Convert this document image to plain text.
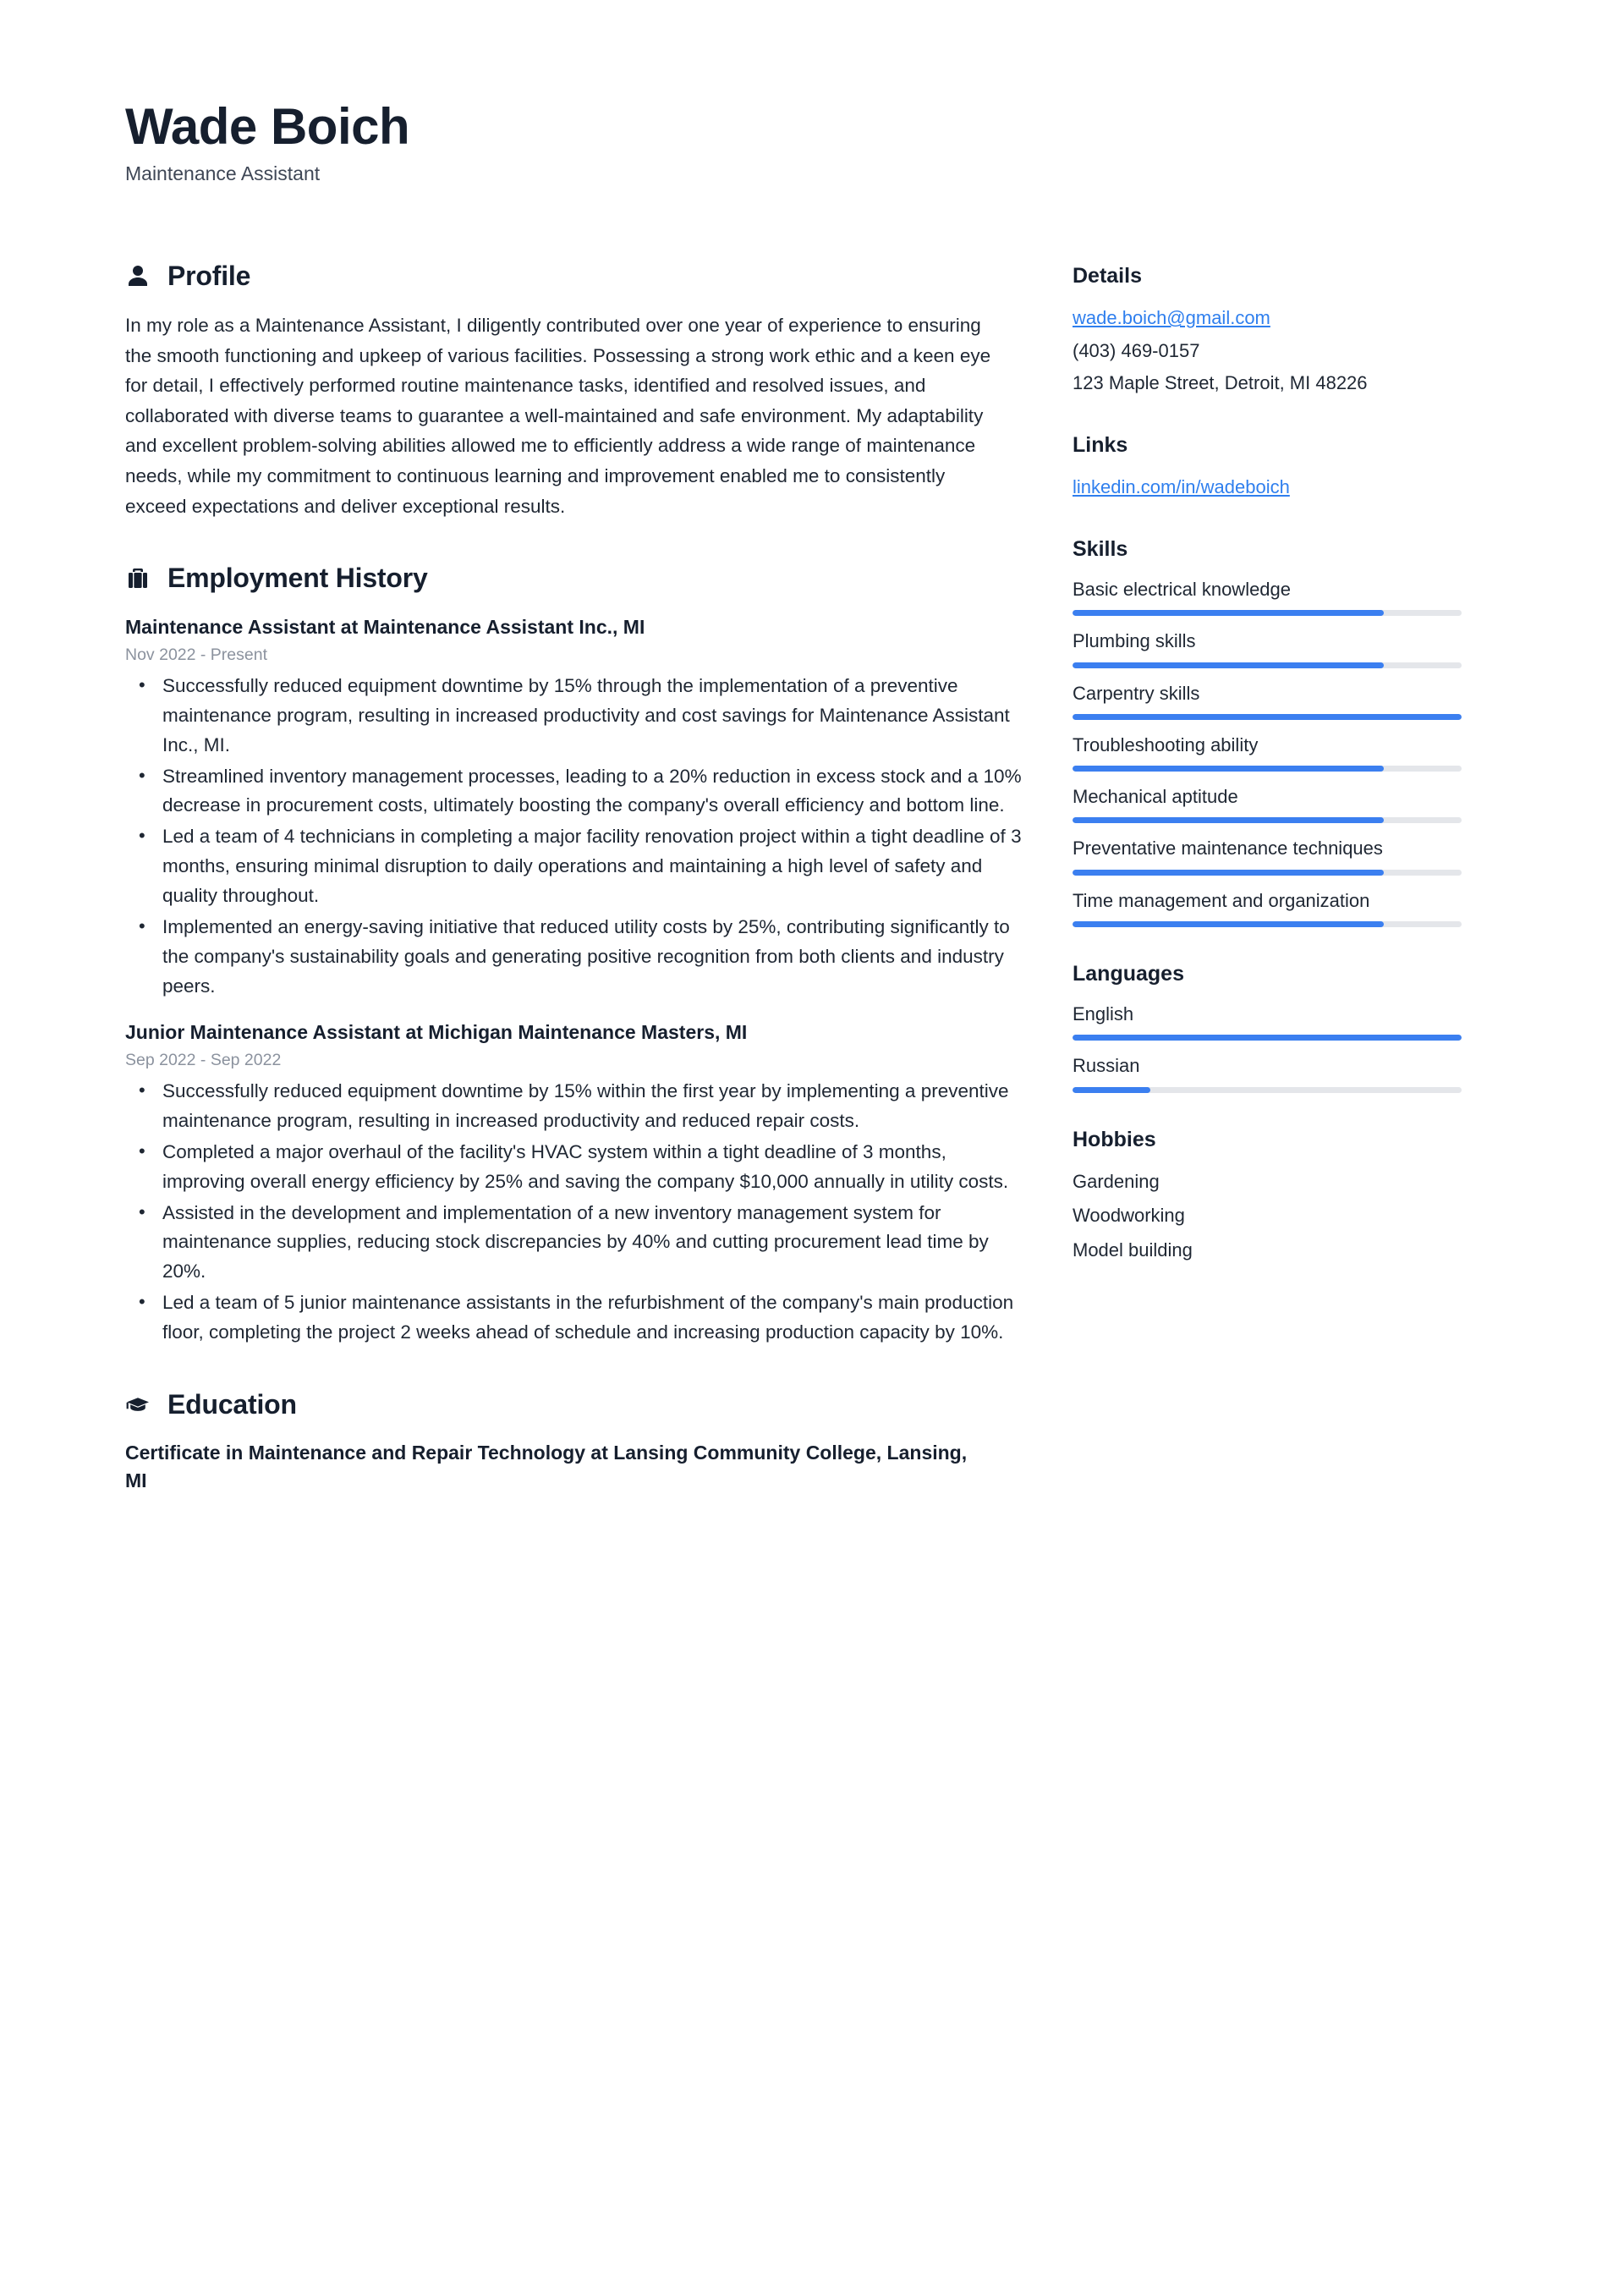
Wade Boich

Maintenance Assistant

Profile

In my role as a Maintenance Assistant, I diligently contributed over one year of experience to ensuring the smooth functioning and upkeep of various facilities. Possessing a strong work ethic and a keen eye for detail, I effectively performed routine maintenance tasks, identified and resolved issues, and collaborated with diverse teams to guarantee a well-maintained and safe environment. My adaptability and excellent problem-solving abilities allowed me to efficiently address a wide range of maintenance needs, while my commitment to continuous learning and improvement enabled me to consistently exceed expectations and deliver exceptional results.

Employment History

Maintenance Assistant at Maintenance Assistant Inc., MI

Nov 2022 - Present

• Successfully reduced equipment downtime by 15% through the implementation of a preventive maintenance program, resulting in increased productivity and cost savings for Maintenance Assistant Inc., MI.
• Streamlined inventory management processes, leading to a 20% reduction in excess stock and a 10% decrease in procurement costs, ultimately boosting the company's overall efficiency and bottom line.
• Led a team of 4 technicians in completing a major facility renovation project within a tight deadline of 3 months, ensuring minimal disruption to daily operations and maintaining a high level of safety and quality throughout.
• Implemented an energy-saving initiative that reduced utility costs by 25%, contributing significantly to the company's sustainability goals and generating positive recognition from both clients and industry peers.

Junior Maintenance Assistant at Michigan Maintenance Masters, MI

Sep 2022 - Sep 2022

• Successfully reduced equipment downtime by 15% within the first year by implementing a preventive maintenance program, resulting in increased productivity and reduced repair costs.
• Completed a major overhaul of the facility's HVAC system within a tight deadline of 3 months, improving overall energy efficiency by 25% and saving the company $10,000 annually in utility costs.
• Assisted in the development and implementation of a new inventory management system for maintenance supplies, reducing stock discrepancies by 40% and cutting procurement lead time by 20%.
• Led a team of 5 junior maintenance assistants in the refurbishment of the company's main production floor, completing the project 2 weeks ahead of schedule and increasing production capacity by 10%.
Education

Certificate in Maintenance and Repair Technology at Lansing Community College, Lansing, MI

Details
wade.boich@gmail.com

(403) 469-0157

123 Maple Street, Detroit, MI 48226

Links
linkedin.com/in/wadeboich
Skills

Basic electrical knowledge

Plumbing skills

Carpentry skills

Troubleshooting ability

Mechanical aptitude

Preventative maintenance techniques

Time management and organization

Languages

English

Russian

Hobbies

Gardening

Woodworking

Model building
